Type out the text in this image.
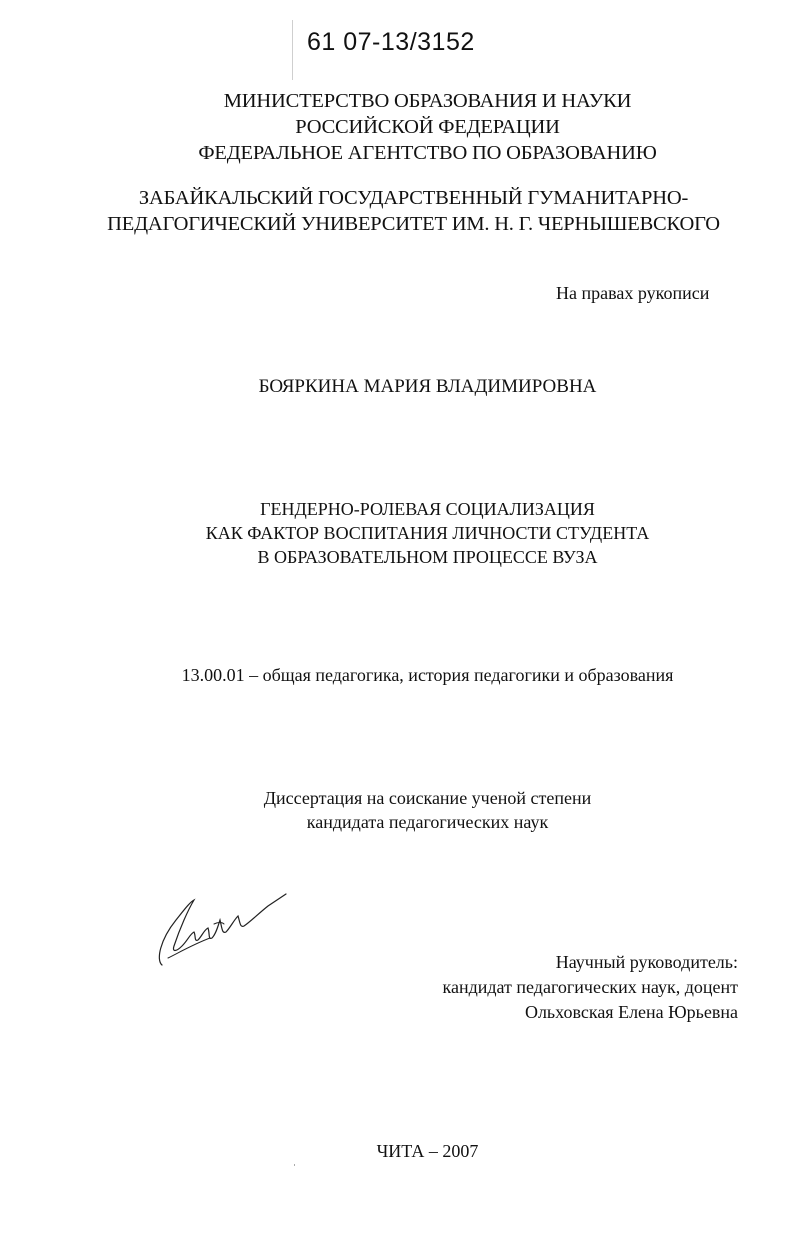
61 07-13/3152
МИНИСТЕРСТВО ОБРАЗОВАНИЯ И НАУКИ
РОССИЙСКОЙ ФЕДЕРАЦИИ
ФЕДЕРАЛЬНОЕ АГЕНТСТВО ПО ОБРАЗОВАНИЮ
ЗАБАЙКАЛЬСКИЙ ГОСУДАРСТВЕННЫЙ ГУМАНИТАРНО-
ПЕДАГОГИЧЕСКИЙ УНИВЕРСИТЕТ ИМ. Н. Г. ЧЕРНЫШЕВСКОГО
На правах рукописи
БОЯРКИНА МАРИЯ ВЛАДИМИРОВНА
ГЕНДЕРНО-РОЛЕВАЯ СОЦИАЛИЗАЦИЯ
КАК ФАКТОР ВОСПИТАНИЯ ЛИЧНОСТИ СТУДЕНТА
В ОБРАЗОВАТЕЛЬНОМ ПРОЦЕССЕ ВУЗА
13.00.01 – общая педагогика, история педагогики и образования
Диссертация на соискание ученой степени
кандидата педагогических наук
Научный руководитель:
кандидат педагогических наук, доцент
Ольховская Елена Юрьевна
ЧИТА – 2007
